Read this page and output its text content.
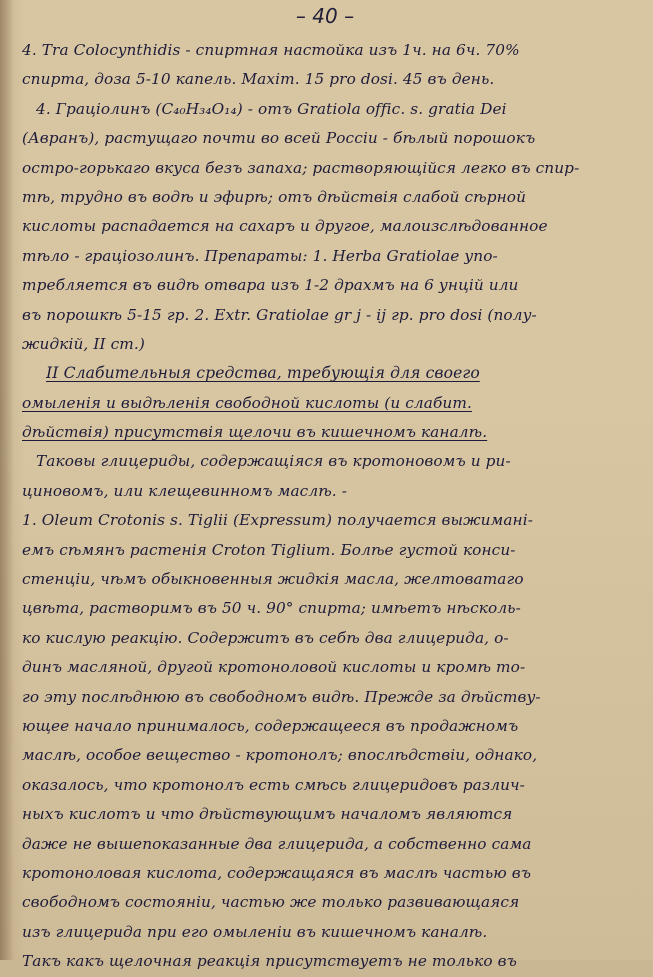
– 40 –
4. Tra Colocynthidis - спиртная настойка изъ 1ч. на 6ч. 70%
спирта, доза 5-10 капель. Maxim. 15 pro dosi. 45 въ день.
4. Граціолинъ (C₄₀H₃₄O₁₄) - отъ Gratiola offic. s. gratia Dei
(Авранъ), растущаго почти во всей Россіи - бѣлый порошокъ
остро-горькаго вкуса безъ запаха; растворяющійся легко въ спир-
тѣ, трудно въ водѣ и эфирѣ; отъ дѣйствія слабой сѣрной
кислоты распадается на сахаръ и другое, малоизслѣдованное
тѣло - граціозолинъ. Препараты: 1. Herba Gratiolae упо-
требляется въ видѣ отвара изъ 1-2 драхмъ на 6 унцій или
въ порошкѣ 5-15 гр. 2. Extr. Gratiolae gr j - ij гр. pro dosi (полу-
жидкій, II ст.)
II Слабительныя средства, требующія для своего
омыленія и выдѣленія свободной кислоты (и слабит.
дѣйствія) присутствія щелочи въ кишечномъ каналѣ.
Таковы глицериды, содержащіяся въ кротоновомъ и ри-
циновомъ, или клещевинномъ маслѣ. -
1. Oleum Crotonis s. Tiglii (Expressum) получается выжимані-
емъ сѣмянъ растенія Croton Tiglium. Болѣе густой конси-
стенціи, чѣмъ обыкновенныя жидкія масла, желтоватаго
цвѣта, растворимъ въ 50 ч. 90° спирта; имѣетъ нѣсколь-
ко кислую реакцію. Содержитъ въ себѣ два глицерида, о-
динъ масляной, другой кротоноловой кислоты и кромѣ то-
го эту послѣднюю въ свободномъ видѣ. Прежде за дѣйству-
ющее начало принималось, содержащееся въ продажномъ
маслѣ, особое вещество - кротонолъ; впослѣдствіи, однако,
оказалось, что кротонолъ есть смѣсь глицеридовъ различ-
ныхъ кислотъ и что дѣйствующимъ началомъ являются
даже не вышепоказанные два глицерида, а собственно сама
кротоноловая кислота, содержащаяся въ маслѣ частью въ
свободномъ состояніи, частью же только развивающаяся
изъ глицерида при его омыленіи въ кишечномъ каналѣ.
Такъ какъ щелочная реакція присутствуетъ не только въ
